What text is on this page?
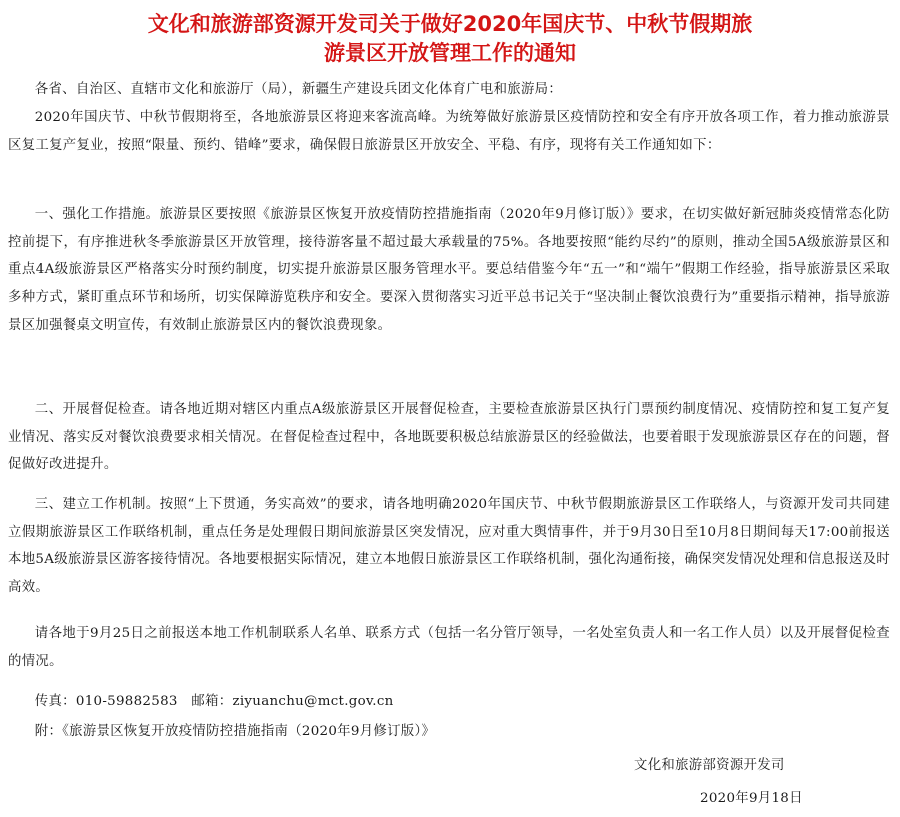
文化和旅游部资源开发司关于做好2020年国庆节、中秋节假期旅
游景区开放管理工作的通知

各省、自治区、直辖市文化和旅游厅（局），新疆生产建设兵团文化体育广电和旅游局：

2020年国庆节、中秋节假期将至，各地旅游景区将迎来客流高峰。为统筹做好旅游景区疫情防控和安全有序开放各项工作，着力推动旅游景区复工复产复业，按照“限量、预约、错峰”要求，确保假日旅游景区开放安全、平稳、有序，现将有关工作通知如下：

一、强化工作措施。旅游景区要按照《旅游景区恢复开放疫情防控措施指南（2020年9月修订版）》要求，在切实做好新冠肺炎疫情常态化防控前提下，有序推进秋冬季旅游景区开放管理，接待游客量不超过最大承载量的75%。各地要按照“能约尽约”的原则，推动全国5A级旅游景区和重点4A级旅游景区严格落实分时预约制度，切实提升旅游景区服务管理水平。要总结借鉴今年“五一”和“端午”假期工作经验，指导旅游景区采取多种方式，紧盯重点环节和场所，切实保障游览秩序和安全。要深入贯彻落实习近平总书记关于“坚决制止餐饮浪费行为”重要指示精神，指导旅游景区加强餐桌文明宣传，有效制止旅游景区内的餐饮浪费现象。

二、开展督促检查。请各地近期对辖区内重点A级旅游景区开展督促检查，主要检查旅游景区执行门票预约制度情况、疫情防控和复工复产复业情况、落实反对餐饮浪费要求相关情况。在督促检查过程中，各地既要积极总结旅游景区的经验做法，也要着眼于发现旅游景区存在的问题，督促做好改进提升。

三、建立工作机制。按照“上下贯通，务实高效”的要求，请各地明确2020年国庆节、中秋节假期旅游景区工作联络人，与资源开发司共同建立假期旅游景区工作联络机制，重点任务是处理假日期间旅游景区突发情况，应对重大舆情事件，并于9月30日至10月8日期间每天17:00前报送本地5A级旅游景区游客接待情况。各地要根据实际情况，建立本地假日旅游景区工作联络机制，强化沟通衔接，确保突发情况处理和信息报送及时高效。

请各地于9月25日之前报送本地工作机制联系人名单、联系方式（包括一名分管厅领导，一名处室负责人和一名工作人员）以及开展督促检查的情况。

传真：010-59882583　邮箱：ziyuanchu@mct.gov.cn

附：《旅游景区恢复开放疫情防控措施指南（2020年9月修订版）》

文化和旅游部资源开发司
2020年9月18日
